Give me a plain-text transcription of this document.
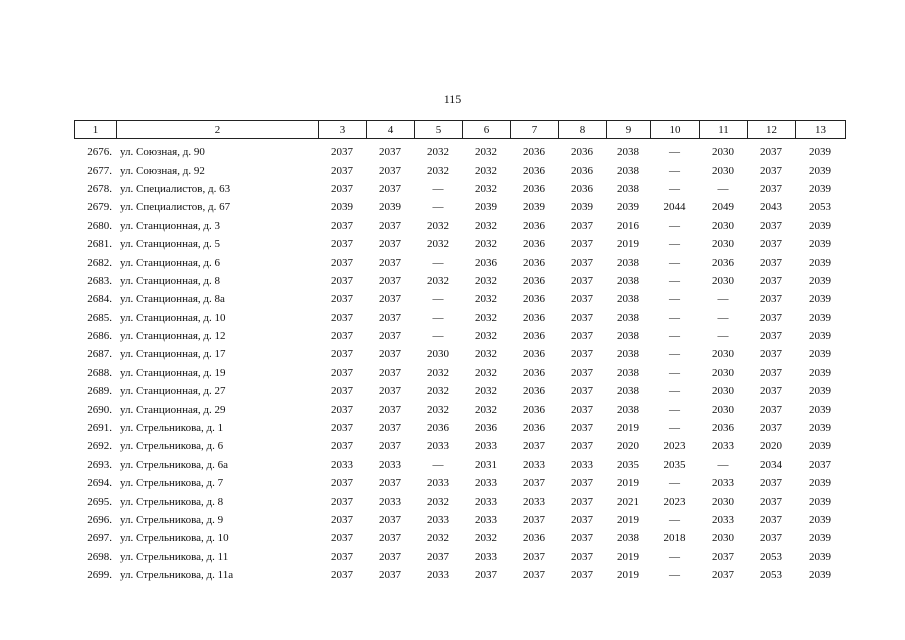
115
1	2	3	4	5	6	7	8	9	10	11	12	13
2676.	ул. Союзная, д. 90	2037	2037	2032	2032	2036	2036	2038	—	2030	2037	2039
2677.	ул. Союзная, д. 92	2037	2037	2032	2032	2036	2036	2038	—	2030	2037	2039
2678.	ул. Специалистов, д. 63	2037	2037	—	2032	2036	2036	2038	—	—	2037	2039
2679.	ул. Специалистов, д. 67	2039	2039	—	2039	2039	2039	2039	2044	2049	2043	2053
2680.	ул. Станционная, д. 3	2037	2037	2032	2032	2036	2037	2016	—	2030	2037	2039
2681.	ул. Станционная, д. 5	2037	2037	2032	2032	2036	2037	2019	—	2030	2037	2039
2682.	ул. Станционная, д. 6	2037	2037	—	2036	2036	2037	2038	—	2036	2037	2039
2683.	ул. Станционная, д. 8	2037	2037	2032	2032	2036	2037	2038	—	2030	2037	2039
2684.	ул. Станционная, д. 8а	2037	2037	—	2032	2036	2037	2038	—	—	2037	2039
2685.	ул. Станционная, д. 10	2037	2037	—	2032	2036	2037	2038	—	—	2037	2039
2686.	ул. Станционная, д. 12	2037	2037	—	2032	2036	2037	2038	—	—	2037	2039
2687.	ул. Станционная, д. 17	2037	2037	2030	2032	2036	2037	2038	—	2030	2037	2039
2688.	ул. Станционная, д. 19	2037	2037	2032	2032	2036	2037	2038	—	2030	2037	2039
2689.	ул. Станционная, д. 27	2037	2037	2032	2032	2036	2037	2038	—	2030	2037	2039
2690.	ул. Станционная, д. 29	2037	2037	2032	2032	2036	2037	2038	—	2030	2037	2039
2691.	ул. Стрельникова, д. 1	2037	2037	2036	2036	2036	2037	2019	—	2036	2037	2039
2692.	ул. Стрельникова, д. 6	2037	2037	2033	2033	2037	2037	2020	2023	2033	2020	2039
2693.	ул. Стрельникова, д. 6а	2033	2033	—	2031	2033	2033	2035	2035	—	2034	2037
2694.	ул. Стрельникова, д. 7	2037	2037	2033	2033	2037	2037	2019	—	2033	2037	2039
2695.	ул. Стрельникова, д. 8	2037	2033	2032	2033	2033	2037	2021	2023	2030	2037	2039
2696.	ул. Стрельникова, д. 9	2037	2037	2033	2033	2037	2037	2019	—	2033	2037	2039
2697.	ул. Стрельникова, д. 10	2037	2037	2032	2032	2036	2037	2038	2018	2030	2037	2039
2698.	ул. Стрельникова, д. 11	2037	2037	2037	2033	2037	2037	2019	—	2037	2053	2039
2699.	ул. Стрельникова, д. 11а	2037	2037	2033	2037	2037	2037	2019	—	2037	2053	2039
